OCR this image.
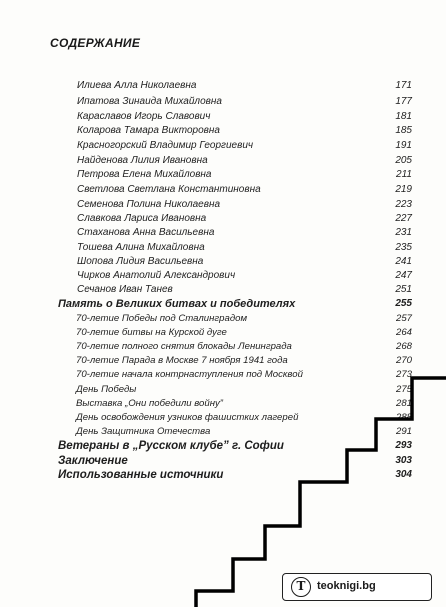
СОДЕРЖАНИЕ
Илиева Алла Николаевна	171
Ипатова Зинаида Михайловна	177
Караславов Игорь Славович	181
Коларова Тамара Викторовна	185
Красногорский Владимир Георгиевич	191
Найденова Лилия Ивановна	205
Петрова Елена Михайловна	211
Светлова Светлана Константиновна	219
Семенова Полина Николаевна	223
Славкова Лариса Ивановна	227
Стаханова Анна Васильевна	231
Тошева Алина Михайловна	235
Шопова Лидия Васильевна	241
Чирков Анатолий Александрович	247
Сечанов Иван Танев	251
Память о Великих битвах и победителях	255
70-летие Победы под Сталинградом	257
70-летие битвы на Курской дуге	264
70-летие полного снятия блокады Ленинграда	268
70-летие Парада в Москве 7 ноября 1941 года	270
70-летие начала контрнаступления под Москвой	273
День Победы	275
Выставка „Они победили войну”	281
День освобождения узников фашистких лагерей	288
День Защитника Отечества	291
Ветераны в „Русском клубе” г. Софии	293
Заключение	303
Использованные источники	304
T	teoknigi.bg
